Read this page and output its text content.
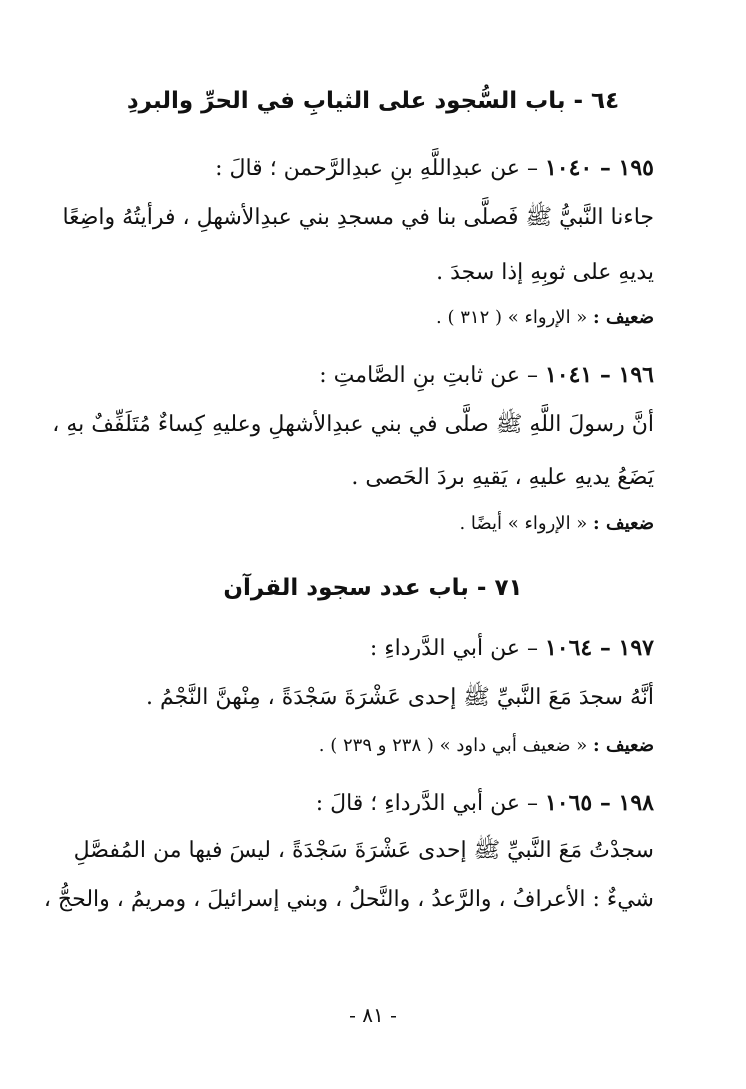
٦٤ - باب السُّجود على الثيابِ في الحرِّ والبردِ
١٩٥ – ١٠٤٠ – عن عبدِاللَّهِ بنِ عبدِالرَّحمن ؛ قالَ :
جاءنا النَّبيُّ ﷺ فَصلَّى بنا في مسجدِ بني عبدِالأشهلِ ، فرأيتُهُ واضِعًا
يديهِ على ثوبِهِ إذا سجدَ .
ضعيف : « الإرواء » ( ٣١٢ ) .
١٩٦ – ١٠٤١ – عن ثابتِ بنِ الصَّامتِ :
أنَّ رسولَ اللَّهِ ﷺ صلَّى في بني عبدِالأشهلِ وعليهِ كِساءٌ مُتَلَفِّفٌ بهِ ،
يَضَعُ يديهِ عليهِ ، يَقيهِ بردَ الحَصى .
ضعيف : « الإرواء » أيضًا .
٧١ - باب عدد سجود القرآن
١٩٧ – ١٠٦٤ – عن أبي الدَّرداءِ :
أنَّهُ سجدَ مَعَ النَّبيِّ ﷺ إحدى عَشْرَةَ سَجْدَةً ، مِنْهنَّ النَّجْمُ .
ضعيف : « ضعيف أبي داود » ( ٢٣٨ و ٢٣٩ ) .
١٩٨ – ١٠٦٥ – عن أبي الدَّرداءِ ؛ قالَ :
سجدْتُ مَعَ النَّبيِّ ﷺ إحدى عَشْرَةَ سَجْدَةً ، ليسَ فيها من المُفصَّلِ
شيءٌ : الأعرافُ ، والرَّعدُ ، والنَّحلُ ، وبني إسرائيلَ ، ومريمُ ، والحجُّ ،
- ٨١ -
